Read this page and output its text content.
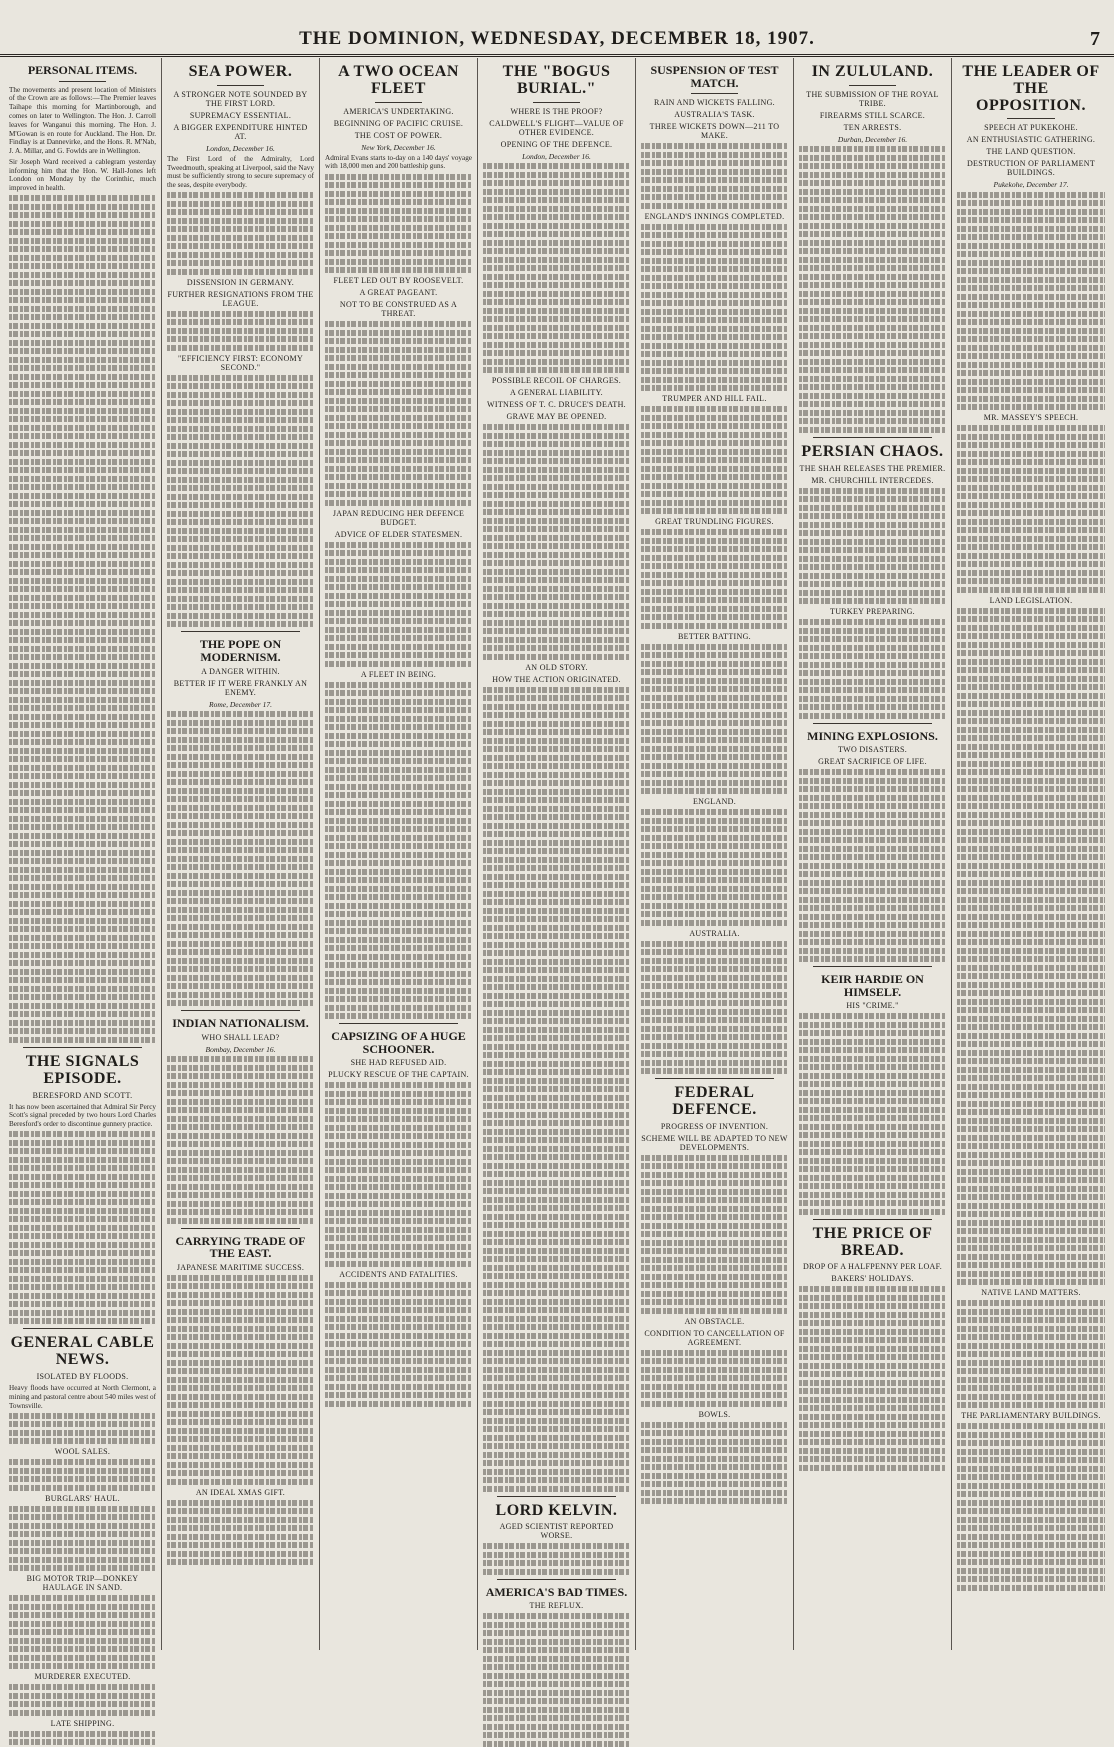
THE DOMINION, WEDNESDAY, DECEMBER 18, 1907.	7
PERSONAL ITEMS.
The movements and present location of Ministers of the Crown are as follows:—The Premier leaves Taihape this morning for Martinborough, and comes on later to Wellington. The Hon. J. Carroll leaves for Wanganui this morning. The Hon. J. M'Gowan is en route for Auckland. The Hon. Dr. Findlay is at Dannevirke, and the Hons. R. M'Nab, J. A. Millar, and G. Fowlds are in Wellington.
Sir Joseph Ward received a cablegram yesterday informing him that the Hon. W. Hall-Jones left London on Monday by the Corinthic, much improved in health.
THE SIGNALS EPISODE.
BERESFORD AND SCOTT.
It has now been ascertained that Admiral Sir Percy Scott's signal preceded by two hours Lord Charles Beresford's order to discontinue gunnery practice.
GENERAL CABLE NEWS.
ISOLATED BY FLOODS.
Heavy floods have occurred at North Clermont, a mining and pastoral centre about 540 miles west of Townsville.
WOOL SALES.
BURGLARS' HAUL.
BIG MOTOR TRIP—DONKEY HAULAGE IN SAND.
MURDERER EXECUTED.
LATE SHIPPING.
SEA POWER.
A STRONGER NOTE SOUNDED BY THE FIRST LORD.
SUPREMACY ESSENTIAL.
A BIGGER EXPENDITURE HINTED AT.
London, December 16.
The First Lord of the Admiralty, Lord Tweedmouth, speaking at Liverpool, said the Navy must be sufficiently strong to secure supremacy of the seas, despite everybody.
DISSENSION IN GERMANY.
FURTHER RESIGNATIONS FROM THE LEAGUE.
"EFFICIENCY FIRST: ECONOMY SECOND."
THE POPE ON MODERNISM.
A DANGER WITHIN.
BETTER IF IT WERE FRANKLY AN ENEMY.
Rome, December 17.
INDIAN NATIONALISM.
WHO SHALL LEAD?
Bombay, December 16.
CARRYING TRADE OF THE EAST.
JAPANESE MARITIME SUCCESS.
AN IDEAL XMAS GIFT.
A TWO OCEAN FLEET
AMERICA'S UNDERTAKING.
BEGINNING OF PACIFIC CRUISE.
THE COST OF POWER.
New York, December 16.
Admiral Evans starts to-day on a 140 days' voyage with 18,000 men and 200 battleship guns.
FLEET LED OUT BY ROOSEVELT.
A GREAT PAGEANT.
NOT TO BE CONSTRUED AS A THREAT.
JAPAN REDUCING HER DEFENCE BUDGET.
ADVICE OF ELDER STATESMEN.
A FLEET IN BEING.
CAPSIZING OF A HUGE SCHOONER.
SHE HAD REFUSED AID.
PLUCKY RESCUE OF THE CAPTAIN.
ACCIDENTS AND FATALITIES.
THE "BOGUS BURIAL."
WHERE IS THE PROOF?
CALDWELL'S FLIGHT—VALUE OF OTHER EVIDENCE.
OPENING OF THE DEFENCE.
London, December 16.
POSSIBLE RECOIL OF CHARGES.
A GENERAL LIABILITY.
WITNESS OF T. C. DRUCE'S DEATH.
GRAVE MAY BE OPENED.
AN OLD STORY.
HOW THE ACTION ORIGINATED.
LORD KELVIN.
AGED SCIENTIST REPORTED WORSE.
AMERICA'S BAD TIMES.
THE REFLUX.
SUSPENSION OF TEST MATCH.
RAIN AND WICKETS FALLING.
AUSTRALIA'S TASK.
THREE WICKETS DOWN—211 TO MAKE.
ENGLAND'S INNINGS COMPLETED.
TRUMPER AND HILL FAIL.
GREAT TRUNDLING FIGURES.
BETTER BATTING.
ENGLAND.
AUSTRALIA.
FEDERAL DEFENCE.
PROGRESS OF INVENTION.
SCHEME WILL BE ADAPTED TO NEW DEVELOPMENTS.
AN OBSTACLE.
CONDITION TO CANCELLATION OF AGREEMENT.
BOWLS.
IN ZULULAND.
THE SUBMISSION OF THE ROYAL TRIBE.
FIREARMS STILL SCARCE.
TEN ARRESTS.
Durban, December 16.
PERSIAN CHAOS.
THE SHAH RELEASES THE PREMIER.
MR. CHURCHILL INTERCEDES.
TURKEY PREPARING.
MINING EXPLOSIONS.
TWO DISASTERS.
GREAT SACRIFICE OF LIFE.
KEIR HARDIE ON HIMSELF.
HIS "CRIME."
THE PRICE OF BREAD.
DROP OF A HALFPENNY PER LOAF.
BAKERS' HOLIDAYS.
THE LEADER OF THE OPPOSITION.
SPEECH AT PUKEKOHE.
AN ENTHUSIASTIC GATHERING.
THE LAND QUESTION.
DESTRUCTION OF PARLIAMENT BUILDINGS.
Pukekohe, December 17.
MR. MASSEY'S SPEECH.
LAND LEGISLATION.
NATIVE LAND MATTERS.
THE PARLIAMENTARY BUILDINGS.
